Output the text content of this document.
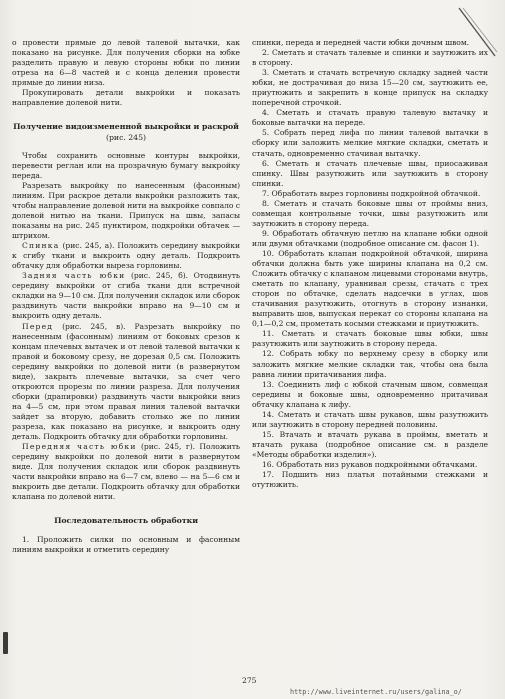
о провести прямые до левой талевой вытачки, как показано на рисунке. Для получения сборки на юбке разделить правую и левую стороны юбки по линии отреза на 6—8 частей и с конца деления провести прямые до линии низа.

Прокупировать детали выкройки и показать направление долевой нити.

Получение видоизмененной выкройки и раскрой (рис. 245)

Чтобы сохранить основные контуры выкройки, перевести реглан или на прозрачную бумагу выкройку переда.

Разрезать выкройку по нанесенным (фасонным) линиям. При раскрое детали выкройки разложить так, чтобы направление долевой нити на выкройке совпало с долевой нитью на ткани. Припуск на швы, запасы показаны на рис. 245 пунктиром, подкройки обтачек — штрихом.

Спинка (рис. 245, а). Положить середину выкройки к сгибу ткани и выкроить одну деталь. Подкроить обтачку для обработки выреза горловины.

Задняя часть юбки (рис. 245, б). Отодвинуть середину выкройки от сгиба ткани для встречной складки на 9—10 см. Для получения складок или сборок раздвинуть части выкройки вправо на 9—10 см и выкроить одну деталь.

Перед (рис. 245, в). Разрезать выкройку по нанесенным (фасонным) линиям от боковых срезов к концам плечевых вытачек и от левой талевой вытачки к правой и боковому срезу, не дорезая 0,5 см. Положить середину выкройки по долевой нити (в развернутом виде), закрыть плечевые вытачки, за счет чего откроются прорезы по линии разреза. Для получения сборки (драпировки) раздвинуть части выкройки вниз на 4—5 см, при этом правая линия талевой вытачки зайдет за вторую, добавить столько же по линии разреза, как показано на рисунке, и выкроить одну деталь. Подкроить обтачку для обработки горловины.

Передняя часть юбки (рис. 245, г). Положить середину выкройки по долевой нити в развернутом виде. Для получения складок или сборок раздвинуть части выкройки вправо на 6—7 см, влево — на 5—6 см и выкроить две детали. Подкроить обтачку для обработки клапана по долевой нити.

Последовательность обработки

1. Проложить силки по основным и фасонным линиям выкройки и отметить середину

спинки, переда и передней части юбки дочным швом.

2. Сметать и стачать талевые и спинки и заутюжить их в сторону.

3. Сметать и стачать встречную складку задней части юбки, не дострачивая до низа 15—20 см, заутюжить ее, приутюжить и закрепить в конце припуск на складку поперечной строчкой.

4. Сметать и стачать правую талевую вытачку и боковые вытачки на переде.

5. Собрать перед лифа по линии талевой вытачки в сборку или заложить мелкие мягкие складки, сметать и стачать, одновременно стачивая вытачку.

6. Сметать и стачать плечевые швы, приосаживая спинку. Швы разутюжить или заутюжить в сторону спинки.

7. Обработать вырез горловины подкройной обтачкой.

8. Сметать и стачать боковые швы от проймы вниз, совмещая контрольные точки, швы разутюжить или заутюжить в сторону переда.

9. Обработать обтачную петлю на клапане юбки одной или двумя обтачками (подробное описание см. фасон 1).

10. Обработать клапан подкройной обтачкой, ширина обтачки должна быть уже ширины клапана на 0,2 см. Сложить обтачку с клапаном лицевыми сторонами внутрь, сметать по клапану, уравнивая срезы, стачать с трех сторон по обтачке, сделать надсечки в углах, шов стачивания разутюжить, отогнуть в сторону изнанки, выправить шов, выпуская перекат со стороны клапана на 0,1—0,2 см, прометать косыми стежками и приутюжить.

11. Сметать и стачать боковые швы юбки, швы разутюжить или заутюжить в сторону переда.

12. Собрать юбку по верхнему срезу в сборку или заложить мягкие мелкие складки так, чтобы она была равна линии притачивания лифа.

13. Соединить лиф с юбкой стачным швом, совмещая середины и боковые швы, одновременно притачивая обтачку клапана к лифу.

14. Сметать и стачать швы рукавов, швы разутюжить или заутюжить в сторону передней половины.

15. Втачать и втачать рукава в проймы, вметать и втачать рукава (подробное описание см. в разделе «Методы обработки изделия»).

16. Обработать низ рукавов подкройными обтачками.

17. Подшить низ платья потайными стежками и отутюжить.

275
http://www.liveinternet.ru/users/galina_o/
